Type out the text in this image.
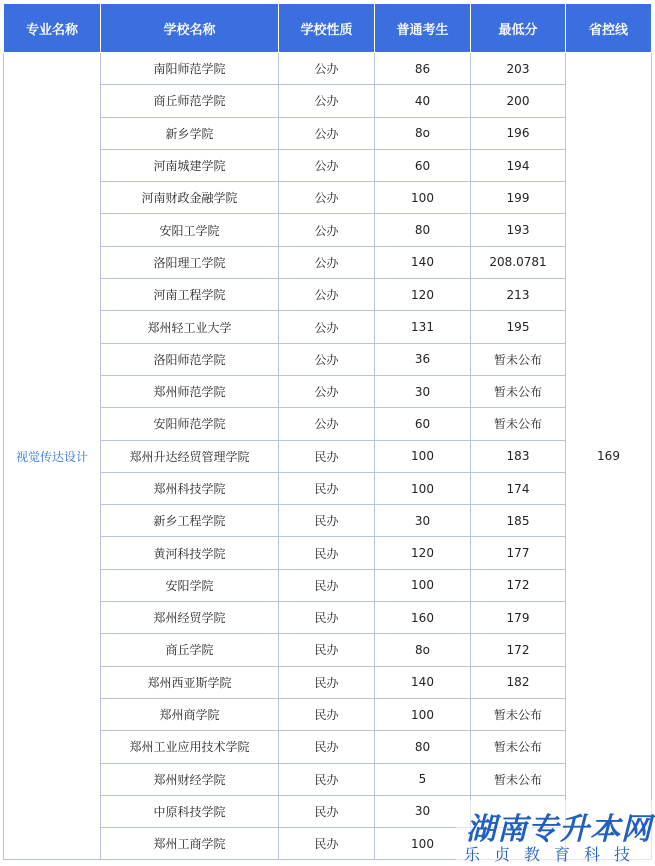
专业名称	学校名称	学校性质	普通考生	最低分	省控线
视觉传达设计	南阳师范学院	公办	86	203	169
	商丘师范学院	公办	40	200	
	新乡学院	公办	8o	196	
	河南城建学院	公办	60	194	
	河南财政金融学院	公办	100	199	
	安阳工学院	公办	80	193	
	洛阳理工学院	公办	140	208.0781	
	河南工程学院	公办	120	213	
	郑州轻工业大学	公办	131	195	
	洛阳师范学院	公办	36	暂未公布	
	郑州师范学院	公办	30	暂未公布	
	安阳师范学院	公办	60	暂未公布	
	郑州升达经贸管理学院	民办	100	183	
	郑州科技学院	民办	100	174	
	新乡工程学院	民办	30	185	
	黄河科技学院	民办	120	177	
	安阳学院	民办	100	172	
	郑州经贸学院	民办	160	179	
	商丘学院	民办	8o	172	
	郑州西亚斯学院	民办	140	182	
	郑州商学院	民办	100	暂未公布	
	郑州工业应用技术学院	民办	80	暂未公布	
	郑州财经学院	民办	5	暂未公布	
	中原科技学院	民办	30		
	郑州工商学院	民办	100		湖南专升本网
乐贞教育科技
